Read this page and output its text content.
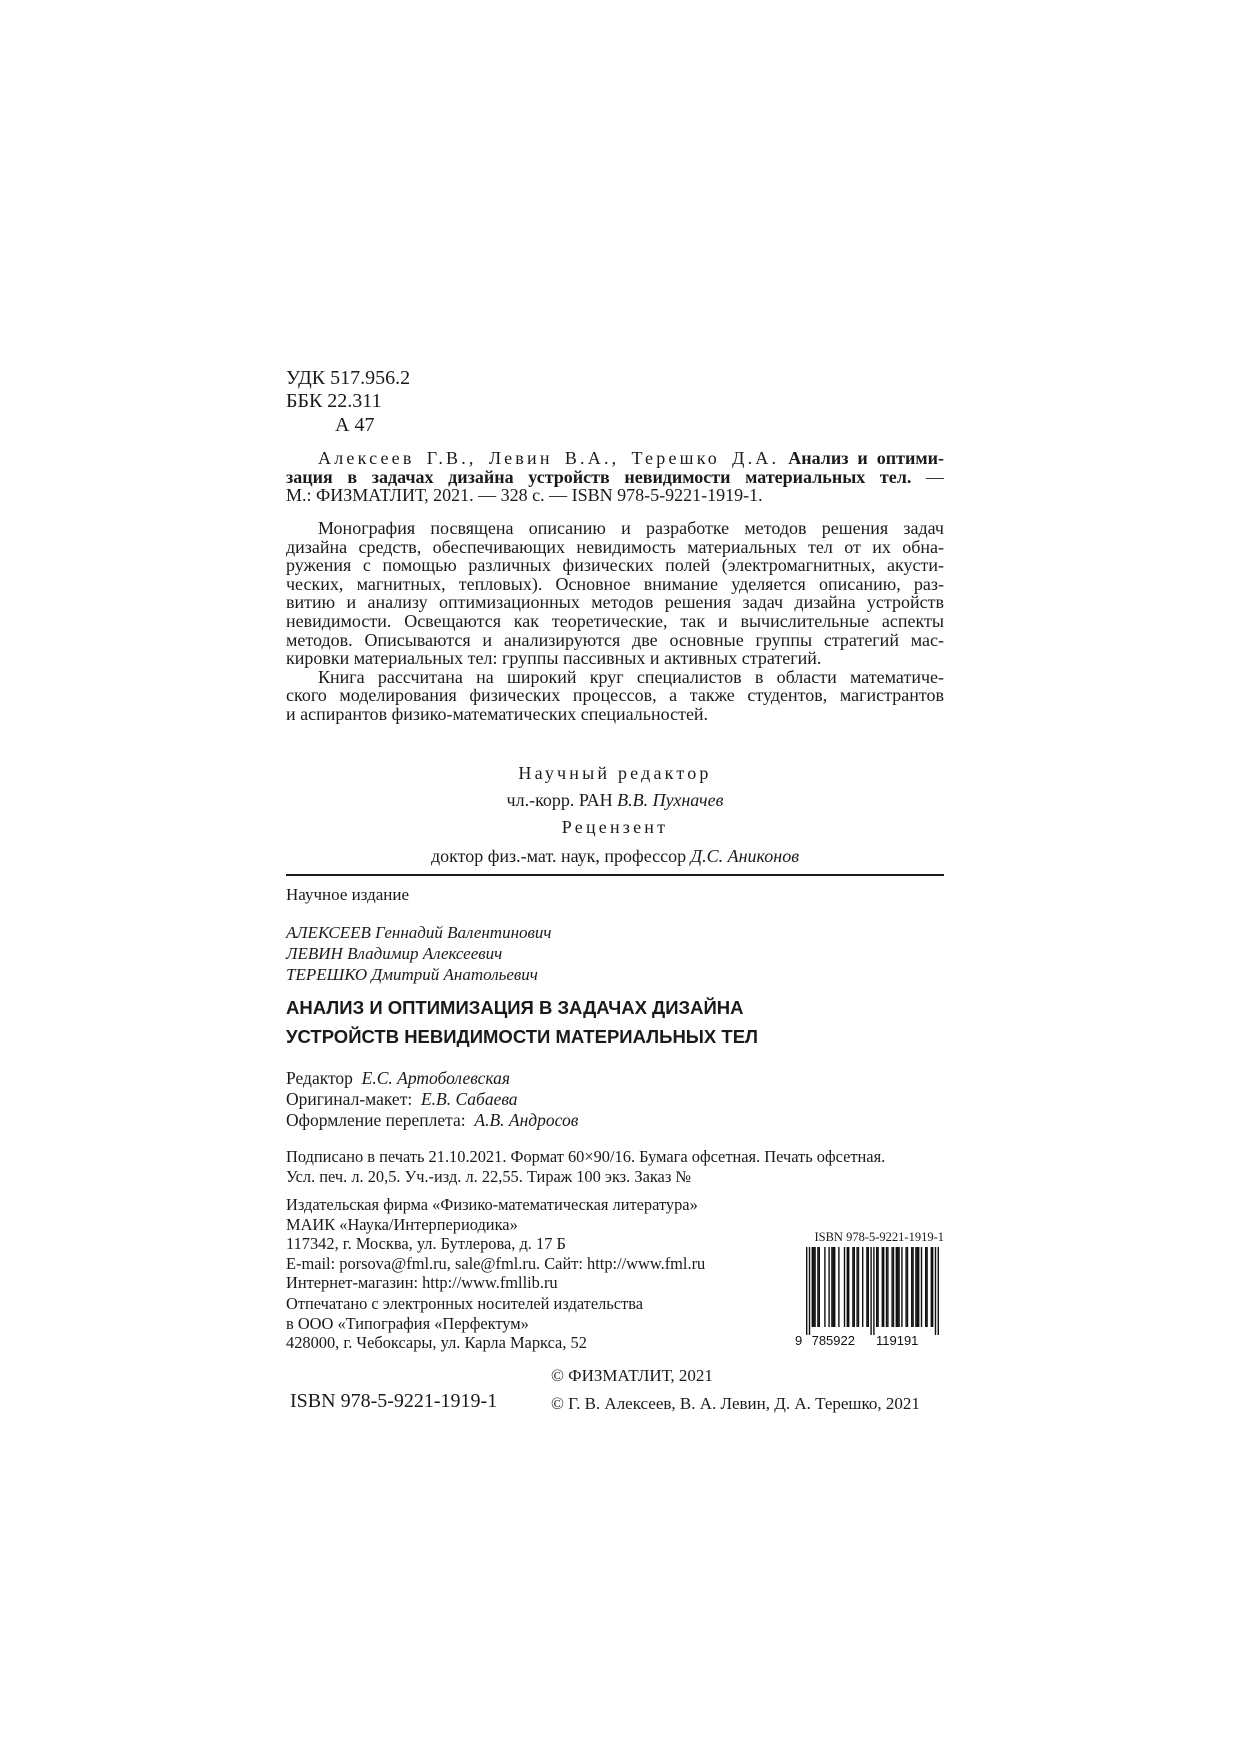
УДК 517.956.2
ББК 22.311
А 47

Алексеев Г.В., Левин В.А., Терешко Д.А. Анализ и оптими-

зация в задачах дизайна устройств невидимости материальных тел. —

М.: ФИЗМАТЛИТ, 2021. — 328 с. — ISBN 978-5-9221-1919-1.

Монография посвящена описанию и разработке методов решения задач

дизайна средств, обеспечивающих невидимость материальных тел от их обна-

ружения с помощью различных физических полей (электромагнитных, акусти-

ческих, магнитных, тепловых). Основное внимание уделяется описанию, раз-

витию и анализу оптимизационных методов решения задач дизайна устройств

невидимости. Освещаются как теоретические, так и вычислительные аспекты

методов. Описываются и анализируются две основные группы стратегий мас-

кировки материальных тел: группы пассивных и активных стратегий.

Книга рассчитана на широкий круг специалистов в области математиче-

ского моделирования физических процессов, а также студентов, магистрантов

и аспирантов физико-математических специальностей.

Научный редактор
чл.-корр. РАН В.В. Пухначев
Рецензент
доктор физ.-мат. наук, профессор Д.С. Аниконов
Научное издание
АЛЕКСЕЕВ Геннадий Валентинович
ЛЕВИН Владимир Алексеевич
ТЕРЕШКО Дмитрий Анатольевич
АНАЛИЗ И ОПТИМИЗАЦИЯ В ЗАДАЧАХ ДИЗАЙНА
УСТРОЙСТВ НЕВИДИМОСТИ МАТЕРИАЛЬНЫХ ТЕЛ
Редактор Е.С. Артоболевская
Оригинал-макет: Е.В. Сабаева
Оформление переплета: А.В. Андросов
Подписано в печать 21.10.2021. Формат 60×90/16. Бумага офсетная. Печать офсетная.
Усл. печ. л. 20,5. Уч.-изд. л. 22,55. Тираж 100 экз. Заказ №
Издательская фирма «Физико-математическая литература»
МАИК «Наука/Интерпериодика»
117342, г. Москва, ул. Бутлерова, д. 17 Б
E-mail: porsova@fml.ru, sale@fml.ru. Сайт: http://www.fml.ru
Интернет-магазин: http://www.fmllib.ru
Отпечатано с электронных носителей издательства
в ООО «Типография «Перфектум»
428000, г. Чебоксары, ул. Карла Маркса, 52
ISBN 978-5-9221-1919-1
9 785922 119191
ISBN 978-5-9221-1919-1
© ФИЗМАТЛИТ, 2021
© Г. В. Алексеев, В. А. Левин, Д. А. Терешко, 2021
